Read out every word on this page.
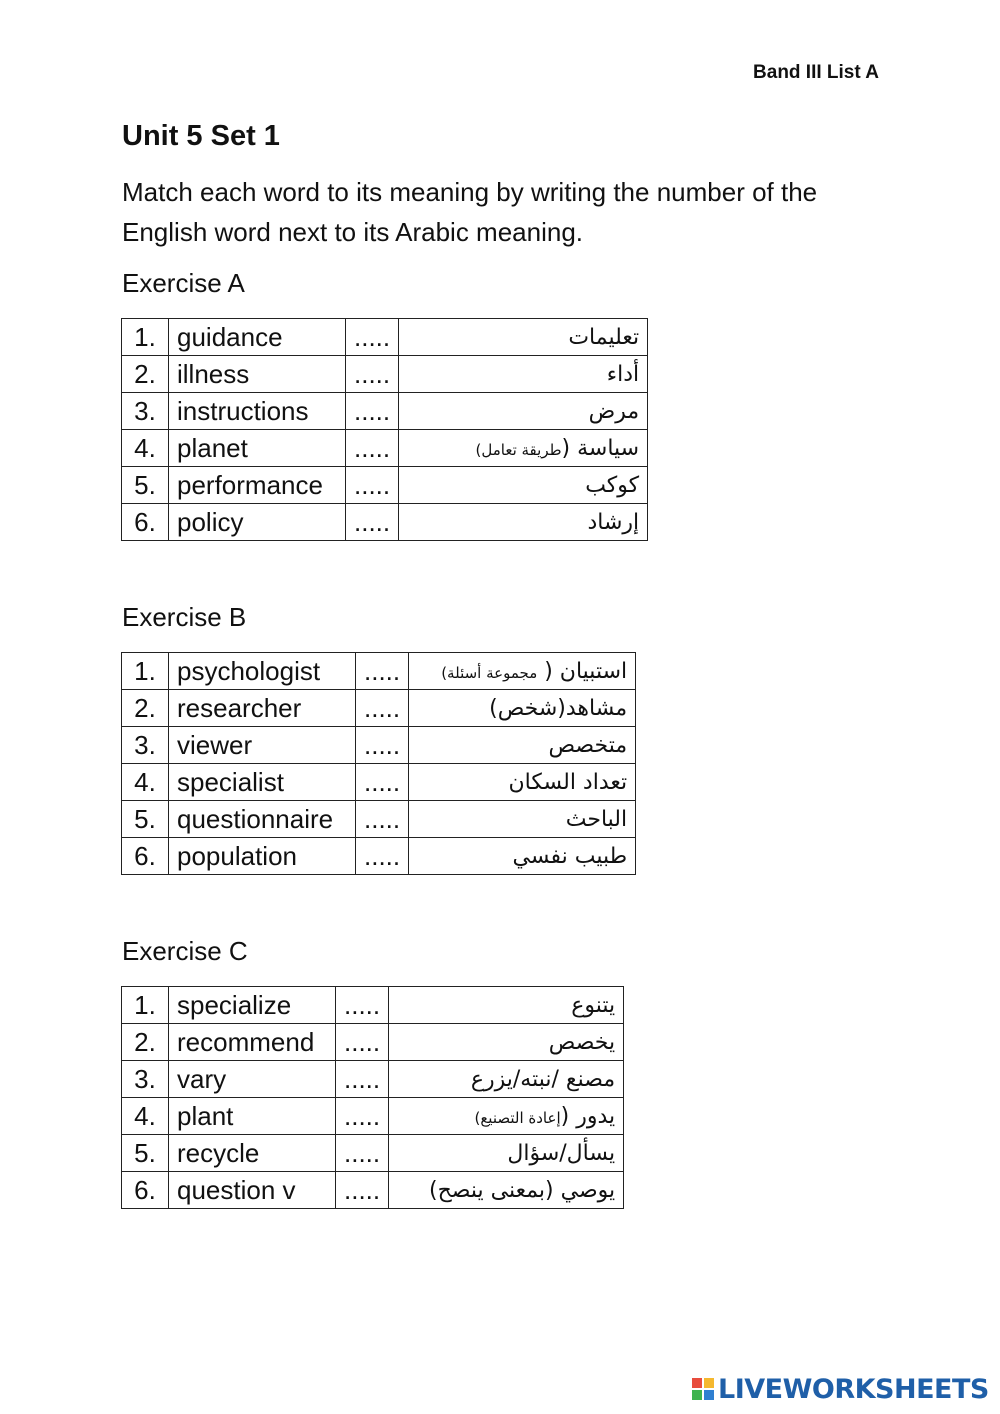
Band III List A
Unit 5 Set 1
Match each word to its meaning by writing the number of the
English word next to its Arabic meaning.
Exercise A
1.	guidance	.....	تعليمات
2.	illness	.....	أداء
3.	instructions	.....	مرض
4.	planet	.....	سياسة (طريقة تعامل)
5.	performance	.....	كوكب
6.	policy	.....	إرشاد
Exercise B
1.	psychologist	.....	استبيان ( مجموعة أسئلة)
2.	researcher	.....	مشاهد(شخص)
3.	viewer	.....	متخصص
4.	specialist	.....	تعداد السكان
5.	questionnaire	.....	الباحث
6.	population	.....	طبيب نفسي
Exercise C
1.	specialize	.....	يتنوع
2.	recommend	.....	يخصص
3.	vary	.....	مصنع /نبته/يزرع
4.	plant	.....	يدور (إعادة التصنيع)
5.	recycle	.....	يسأل/سؤال
6.	question v	.....	يوصي (بمعنى ينصح)
LIVEWORKSHEETS
